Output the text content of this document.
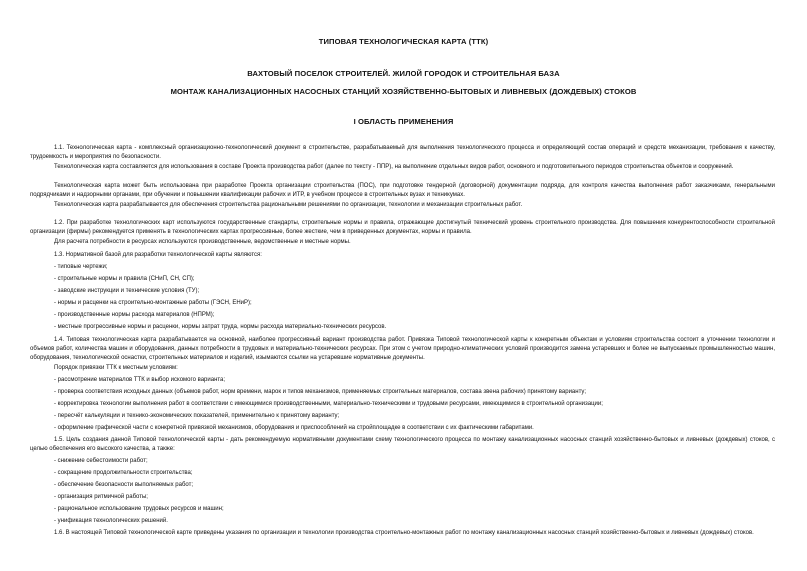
ТИПОВАЯ ТЕХНОЛОГИЧЕСКАЯ КАРТА (ТТК)
ВАХТОВЫЙ ПОСЕЛОК СТРОИТЕЛЕЙ. ЖИЛОЙ ГОРОДОК И СТРОИТЕЛЬНАЯ БАЗА
МОНТАЖ КАНАЛИЗАЦИОННЫХ НАСОСНЫХ СТАНЦИЙ ХОЗЯЙСТВЕННО-БЫТОВЫХ И ЛИВНЕВЫХ (ДОЖДЕВЫХ) СТОКОВ
I ОБЛАСТЬ ПРИМЕНЕНИЯ
1.1. Технологическая карта - комплексный организационно-технологический документ в строительстве, разрабатываемый для выполнения технологического процесса и определяющий состав операций и средств механизации, требования к качеству, трудоемкость и мероприятия по безопасности.
Технологическая карта составляется для использования в составе Проекта производства работ (далее по тексту - ППР), на выполнение отдельных видов работ, основного и подготовительного периодов строительства объектов и сооружений.
Технологическая карта может быть использована при разработке Проекта организации строительства (ПОС), при подготовке тендерной (договорной) документации подряда, для контроля качества выполнения работ заказчиками, генеральными подрядчиками и надзорными органами, при обучении и повышении квалификации рабочих и ИТР, в учебном процессе в строительных вузах и техникумах.
Технологическая карта разрабатывается для обеспечения строительства рациональными решениями по организации, технологии и механизации строительных работ.
1.2. При разработке технологических карт используются государственные стандарты, строительные нормы и правила, отражающие достигнутый технический уровень строительного производства. Для повышения конкурентоспособности строительной организации (фирмы) рекомендуется применять в технологических картах прогрессивные, более жесткие, чем в приведенных документах, нормы и правила.
Для расчета потребности в ресурсах используются производственные, ведомственные и местные нормы.
1.3. Нормативной базой для разработки технологической карты являются:
- типовые чертежи;
- строительные нормы и правила (СНиП, СН, СП);
- заводские инструкции и технические условия (ТУ);
- нормы и расценки на строительно-монтажные работы (ГЭСН, ЕНиР);
- производственные нормы расхода материалов (НПРМ);
- местные прогрессивные нормы и расценки, нормы затрат труда, нормы расхода материально-технических ресурсов.
1.4. Типовая технологическая карта разрабатывается на основной, наиболее прогрессивный вариант производства работ. Привязка Типовой технологической карты к конкретным объектам и условиям строительства состоит в уточнении технологии и объемов работ, количества машин и оборудования, данных потребности в трудовых и материально-технических ресурсах. При этом с учетом природно-климатических условий производится замена устаревших и более не выпускаемых промышленностью машин, оборудования, технологической оснастки, строительных материалов и изделий, изымаются ссылки на устаревшие нормативные документы.
Порядок привязки ТТК к местным условиям:
- рассмотрение материалов ТТК и выбор искомого варианта;
- проверка соответствия исходных данных (объемов работ, норм времени, марок и типов механизмов, применяемых строительных материалов, состава звена рабочих) принятому варианту;
- корректировка технологии выполнения работ в соответствии с имеющимися производственными, материально-техническими и трудовыми ресурсами, имеющимися в строительной организации;
- пересчёт калькуляции и технико-экономических показателей, применительно к принятому варианту;
- оформление графической части с конкретной привязкой механизмов, оборудования и приспособлений на стройплощадке в соответствии с их фактическими габаритами.
1.5. Цель создания данной Типовой технологической карты - дать рекомендуемую нормативными документами схему технологического процесса по монтажу канализационных насосных станций хозяйственно-бытовых и ливневых (дождевых) стоков, с целью обеспечения его высокого качества, а также:
- снижение себестоимости работ;
- сокращение продолжительности строительства;
- обеспечение безопасности выполняемых работ;
- организация ритмичной работы;
- рациональное использование трудовых ресурсов и машин;
- унификация технологических решений.
1.6. В настоящей Типовой технологической карте приведены указания по организации и технологии производства строительно-монтажных работ по монтажу канализационных насосных станций хозяйственно-бытовых и ливневых (дождевых) стоков.
